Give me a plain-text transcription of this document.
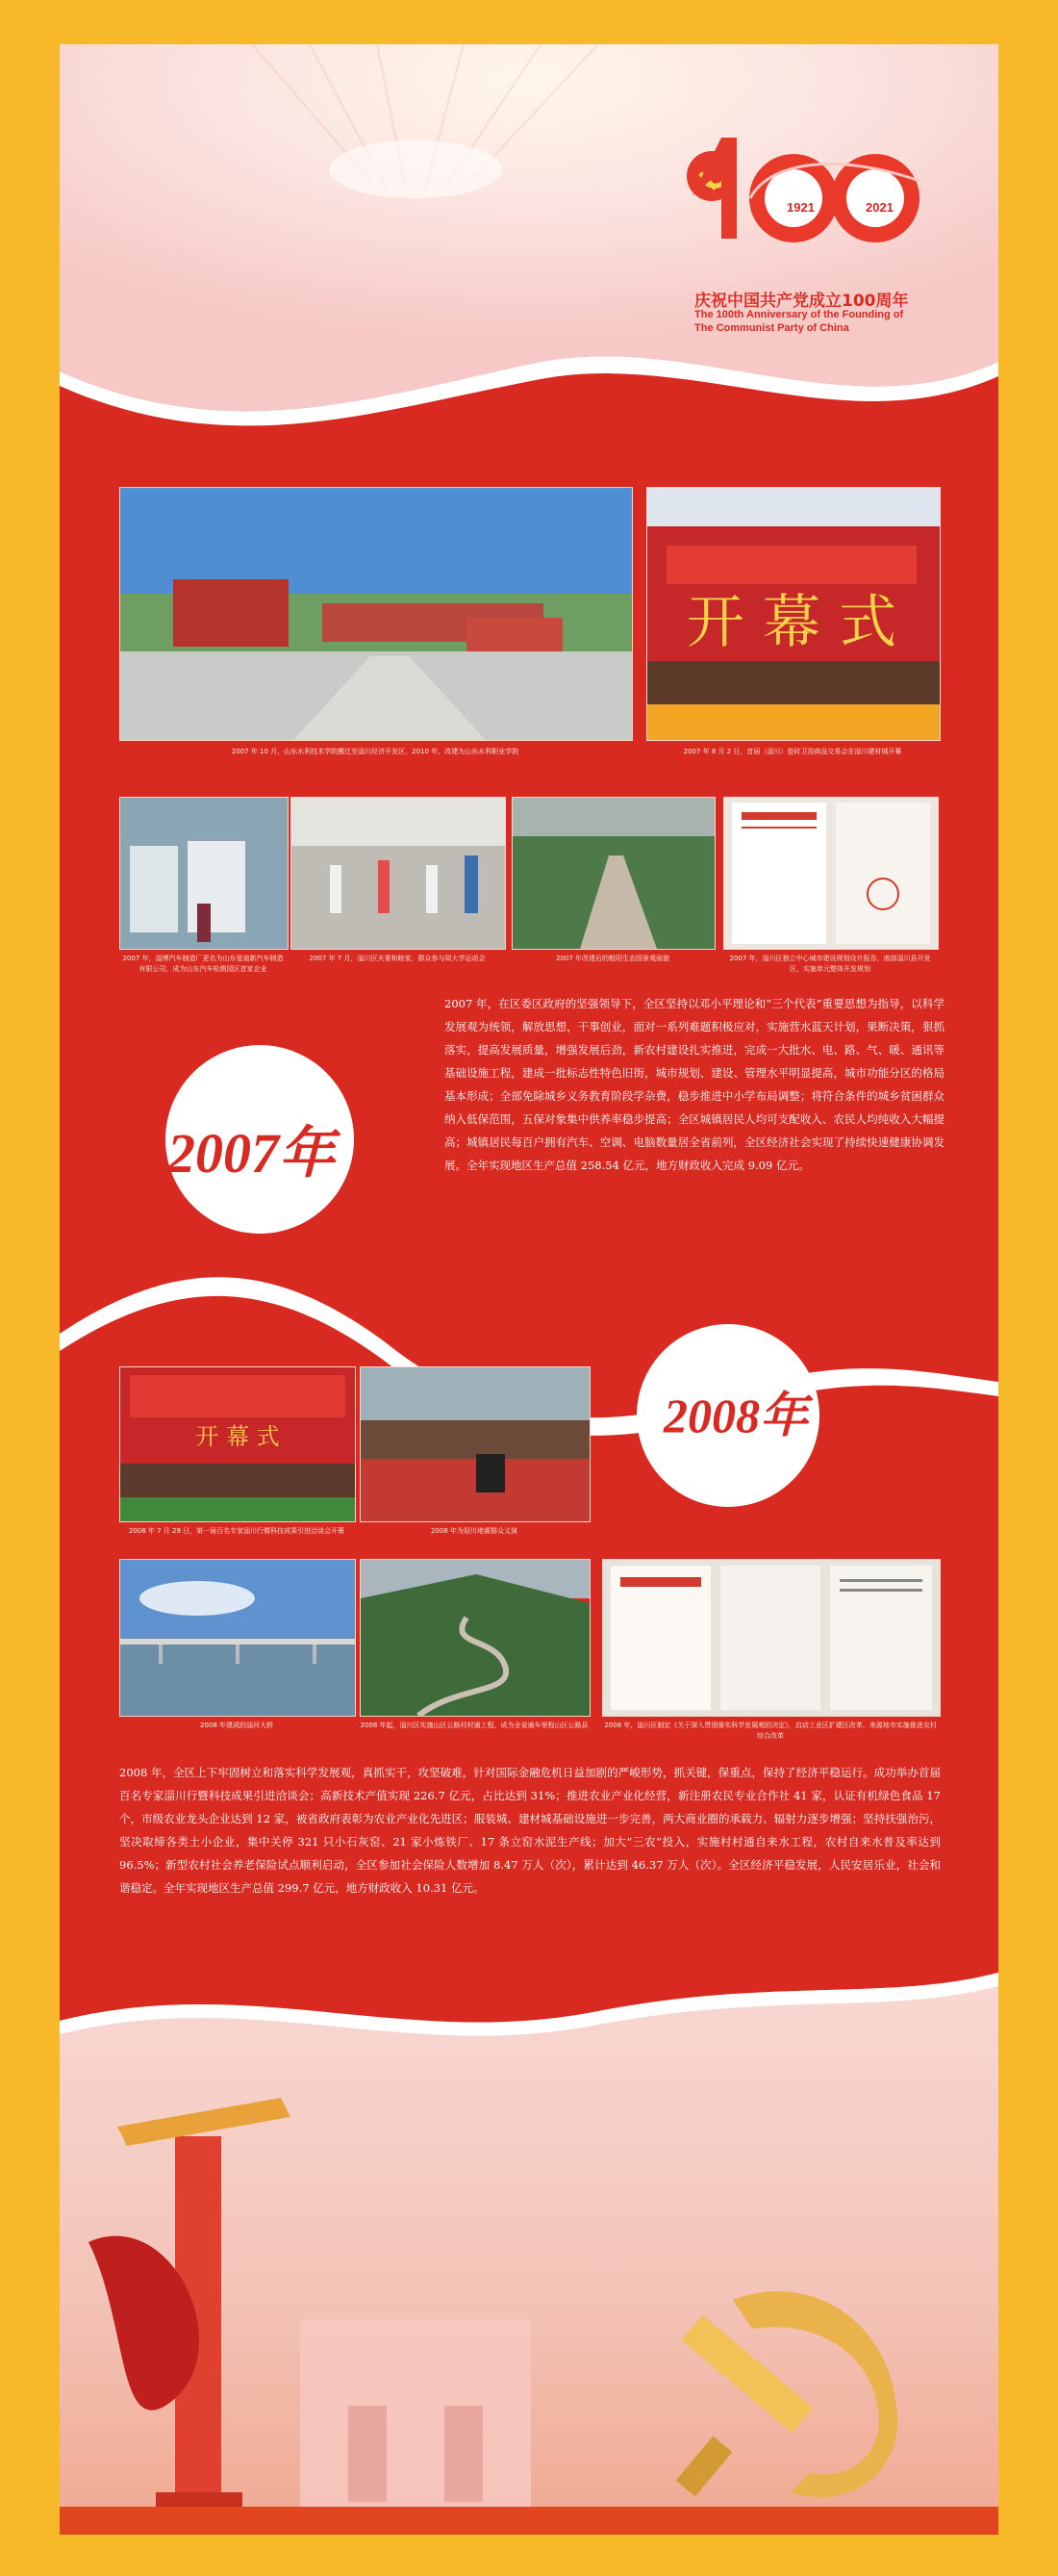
1921	2021
庆祝中国共产党成立100周年
The 100th Anniversary of the Founding of
The Communist Party of China
2007 年 10 月，山东水利技术学院搬迁至淄川经济开发区，2010 年，改建为山东水利职业学院
开 幕 式
2007 年 8 月 2 日，首届（淄川）瓷砖卫浴商品交易会在淄川建材城开幕
2007 年，淄博汽车制造厂更名为山东爱迪新汽车制造有限公司，成为山东汽车检测园区首家企业
2007 年 7 月，淄川区夫妻和睦家，群众参与周大学运动会	2007 年改建后的般阳生态园景观面貌	2007 年，淄川区独立中心城市建设规划设计报告，南部淄川县开发区，实施单元整体开发规划

2007 年，在区委区政府的坚强领导下，全区坚持以邓小平理论和“三个代表”重要思想为指导，以科学发展观为统领，解放思想，干事创业，面对一系列难题积极应对，实施营水蓝天计划，果断决策，狠抓落实，提高发展质量，增强发展后劲，新农村建设扎实推进，完成一大批水、电、路、气、暖、通讯等基础设施工程，建成一批标志性特色旧街，城市规划、建设、管理水平明显提高，城市功能分区的格局基本形成；全部免除城乡义务教育阶段学杂费，稳步推进中小学布局调整；将符合条件的城乡贫困群众纳入低保范围，五保对象集中供养率稳步提高；全区城镇居民人均可支配收入、农民人均纯收入大幅提高；城镇居民每百户拥有汽车、空调、电脑数量居全省前列，全区经济社会实现了持续快速健康协调发展。全年实现地区生产总值 258.54 亿元，地方财政收入完成 9.09 亿元。

2007年
2008年
开 幕 式
2008 年 7 月 29 日，第一届百名专家淄川行暨科技成果引进洽谈会开幕	2008 年为迎川地震群众义演
2008 年建成的淄河大桥	2008 年起，淄川区实施山区公路村村通工程，成为全省通车里程山区公路县	2008 年，淄川区制定《关于深入贯彻落实科学发展观的决定》，启动工业区扩建区改革，来源地市实施推进农村综合改革

2008 年，全区上下牢固树立和落实科学发展观，真抓实干，攻坚破难，针对国际金融危机日益加剧的严峻形势，抓关键，保重点，保持了经济平稳运行。成功举办首届百名专家淄川行暨科技成果引进洽谈会；高新技术产值实现 226.7 亿元，占比达到 31%；推进农业产业化经营，新注册农民专业合作社 41 家，认证有机绿色食品 17 个，市级农业龙头企业达到 12 家，被省政府表彰为农业产业化先进区；服装城、建材城基础设施进一步完善，两大商业圈的承载力、辐射力逐步增强；坚持扶强治污，坚决取缔各类土小企业，集中关停 321 只小石灰窑、21 家小炼铁厂、17 条立窑水泥生产线；加大“三农”投入，实施村村通自来水工程，农村自来水普及率达到 96.5%；新型农村社会养老保险试点顺利启动，全区参加社会保险人数增加 8.47 万人（次），累计达到 46.37 万人（次）。全区经济平稳发展，人民安居乐业，社会和谐稳定。全年实现地区生产总值 299.7 亿元，地方财政收入 10.31 亿元。
